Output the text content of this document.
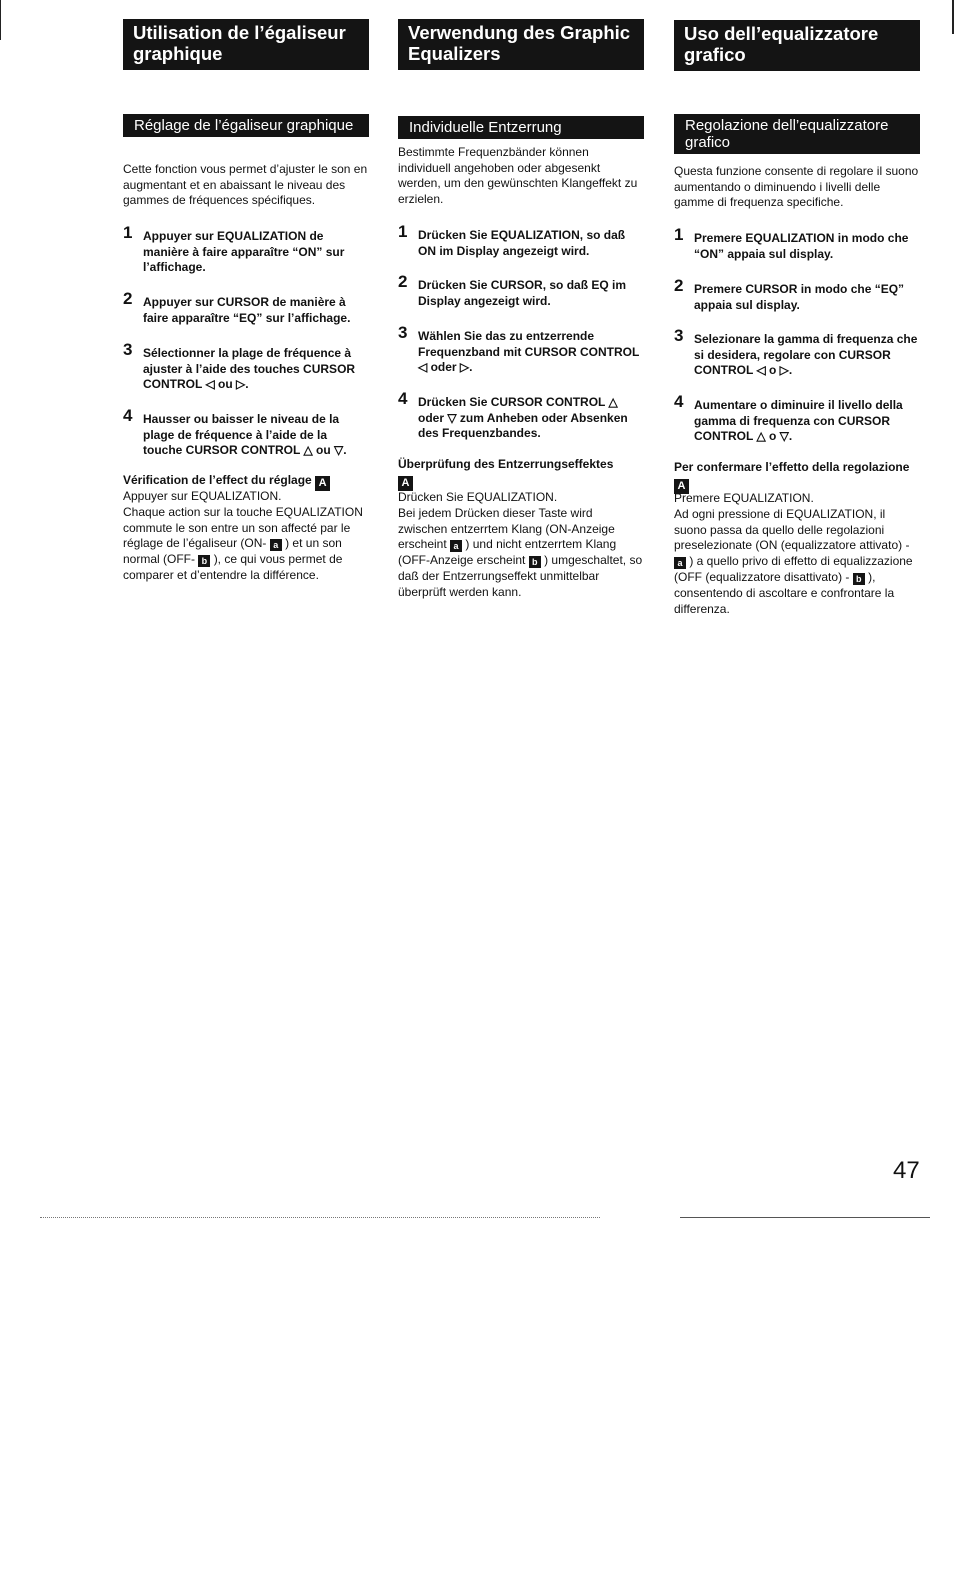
Utilisation de l’égaliseur graphique
Réglage de l’égaliseur graphique
Cette fonction vous permet d’ajuster le son en augmentant et en abaissant le niveau des gammes de fréquences spécifiques.
1 Appuyer sur EQUALIZATION de manière à faire apparaître “ON” sur l’affichage.
2 Appuyer sur CURSOR de manière à faire apparaître “EQ” sur l’affichage.
3 Sélectionner la plage de fréquence à ajuster à l’aide des touches CURSOR CONTROL ◁ ou ▷.
4 Hausser ou baisser le niveau de la plage de fréquence à l’aide de la touche CURSOR CONTROL △ ou ▽.
Vérification de l’effect du réglage A
Appuyer sur EQUALIZATION.
Chaque action sur la touche EQUALIZATION commute le son entre un son affecté par le réglage de l’égaliseur (ON- a ) et un son normal (OFF- b ), ce qui vous permet de comparer et d’entendre la différence.
Verwendung des Graphic Equalizers
Individuelle Entzerrung
Bestimmte Frequenzbänder können individuell angehoben oder abgesenkt werden, um den gewünschten Klangeffekt zu erzielen.
1 Drücken Sie EQUALIZATION, so daß ON im Display angezeigt wird.
2 Drücken Sie CURSOR, so daß EQ im Display angezeigt wird.
3 Wählen Sie das zu entzerrende Frequenzband mit CURSOR CONTROL ◁ oder ▷.
4 Drücken Sie CURSOR CONTROL △ oder ▽ zum Anheben oder Absenken des Frequenzbandes.
Überprüfung des Entzerrungseffektes
A
Drücken Sie EQUALIZATION.
Bei jedem Drücken dieser Taste wird zwischen entzerrtem Klang (ON-Anzeige erscheint a ) und nicht entzerrtem Klang (OFF-Anzeige erscheint b ) umgeschaltet, so daß der Entzerrungseffekt unmittelbar überprüft werden kann.
Uso dell’equalizzatore grafico
Regolazione dell’equalizzatore grafico
Questa funzione consente di regolare il suono aumentando o diminuendo i livelli delle gamme di frequenza specifiche.
1 Premere EQUALIZATION in modo che “ON” appaia sul display.
2 Premere CURSOR in modo che “EQ” appaia sul display.
3 Selezionare la gamma di frequenza che si desidera, regolare con CURSOR CONTROL ◁ o ▷.
4 Aumentare o diminuire il livello della gamma di frequenza con CURSOR CONTROL △ o ▽.
Per confermare l’effetto della regolazione A
Premere EQUALIZATION.
Ad ogni pressione di EQUALIZATION, il suono passa da quello delle regolazioni preselezionate (ON (equalizzatore attivato) - a ) a quello privo di effetto di equalizzazione (OFF (equalizzatore disattivato) - b ), consentendo di ascoltare e confrontare la differenza.
47
